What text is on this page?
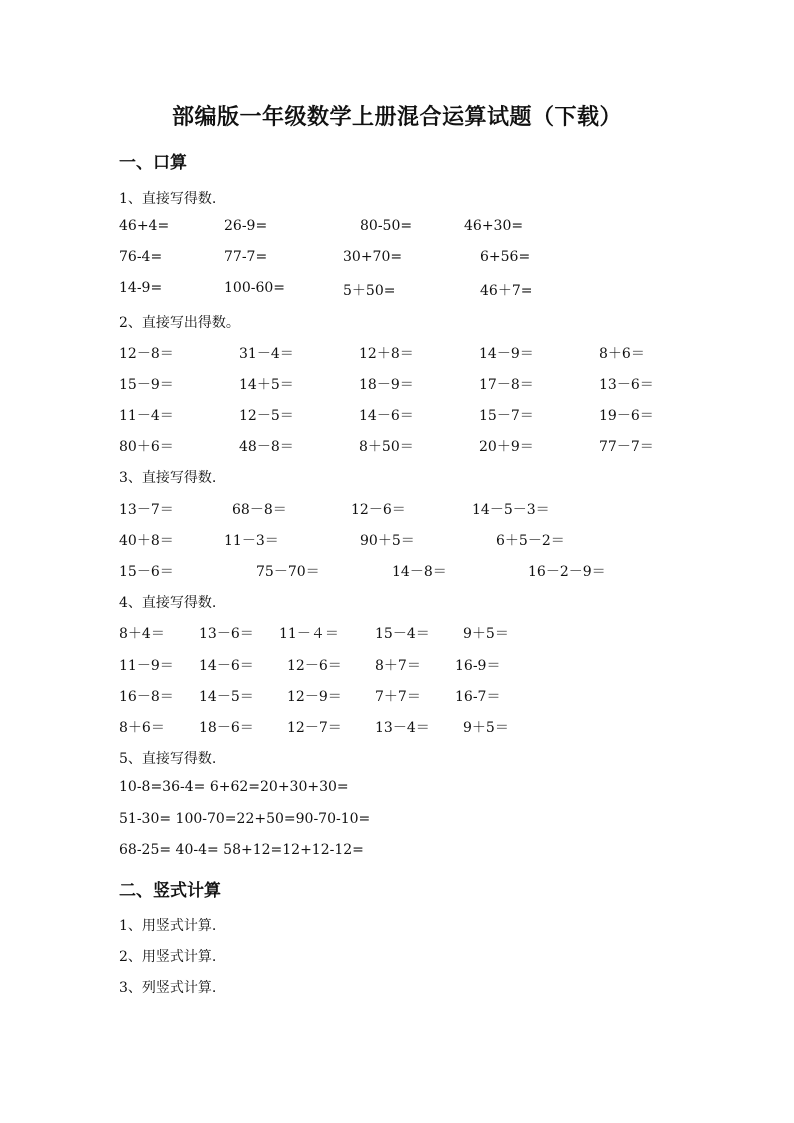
部编版一年级数学上册混合运算试题（下载）
一、口算
1、直接写得数.
46+4=	26-9=	80-50=	46+30=
76-4=	77-7=	30+70=	6+56=
14-9=	100-60=	5＋50=	46＋7=
2、直接写出得数。
12－8＝	31－4＝	12＋8＝	14－9＝	8＋6＝
15－9＝	14＋5＝	18－9＝	17－8＝	13－6＝
11－4＝	12－5＝	14－6＝	15－7＝	19－6＝
80＋6＝	48－8＝	8＋50＝	20＋9＝	77－7＝
3、直接写得数.
13－7＝	68－8＝	12－6＝	14－5－3＝
40＋8＝	11－3＝	90＋5＝	6＋5－2＝
15－6＝	75－70＝	14－8＝	16－2－9＝
4、直接写得数.
8＋4＝ 13－6＝ 11－４＝	15－4＝ 9＋5＝
11－9＝ 14－6＝ 12－6＝ 8＋7＝ 16-9＝
16－8＝ 14－5＝ 12－9＝ 7＋7＝ 16-7＝
8＋6＝ 18－6＝ 12－7＝ 13－4＝ 9＋5＝
5、直接写得数.
10-8=36-4= 6+62=20+30+30=
51-30= 100-70=22+50=90-70-10=
68-25= 40-4= 58+12=12+12-12=
二、竖式计算
1、用竖式计算.
2、用竖式计算.
3、列竖式计算.
